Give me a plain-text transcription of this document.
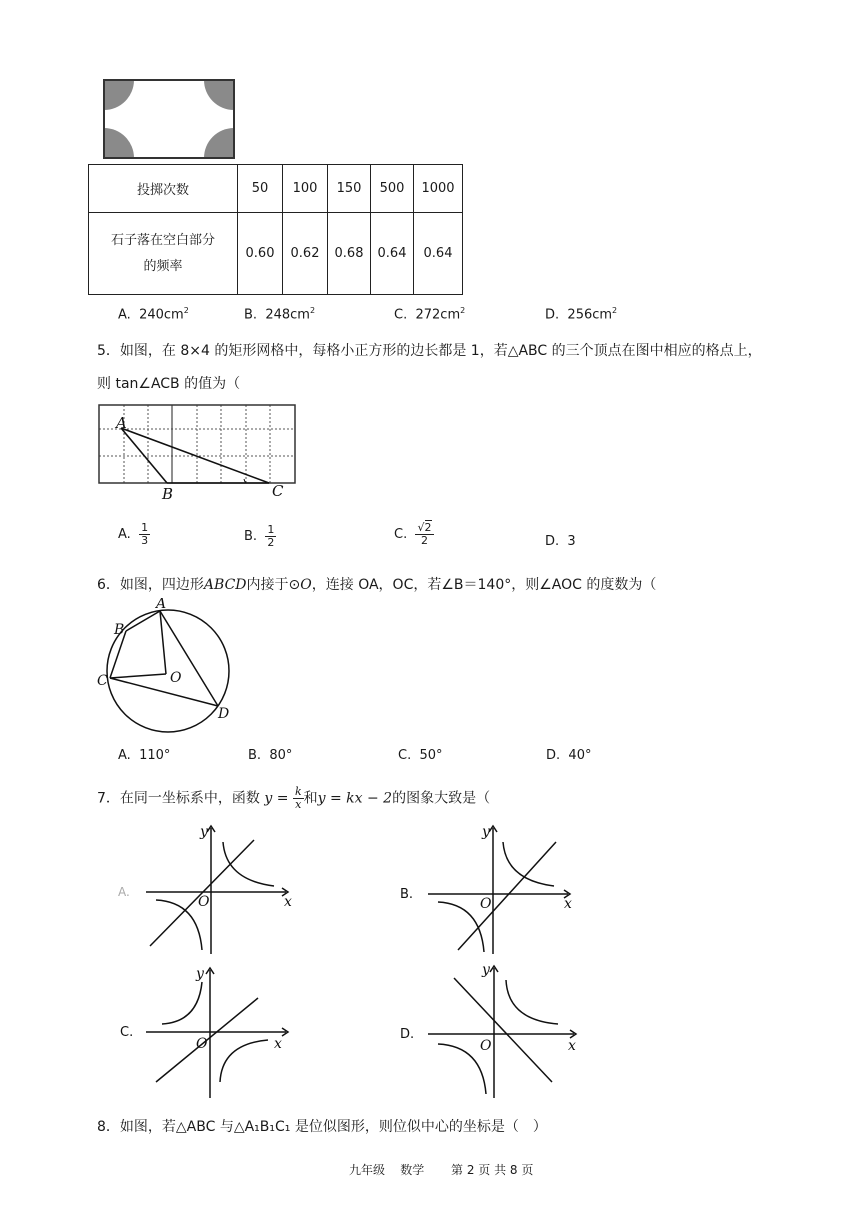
投掷次数	50	100	150	500	1000
石子落在空白部分
的频率	0.60	0.62	0.68	0.64	0.64
A. $240cm^2$	B. $248cm^2$	C. $272cm^2$	D. $256cm^2$
5．如图，在 8×4 的矩形网格中，每格小正方形的边长都是 1，若△ABC 的三个顶点在图中相应的格点上，
则 tan∠ACB 的值为（
A
B	C
A. $\frac{1}{3}$	B. $\frac{1}{2}$	C. $\frac{√2}{2}$	D. 3
6．如图，四边形ABCD内接于⊙O，连接 OA，OC，若∠B＝140°，则∠AOC 的度数为（
A
B
C	O
D
A. 110°	B. 80°	C. 50°	D. 40°
7．在同一坐标系中，函数 $y = \frac{k}{x}$ 和y = kx − 2的图象大致是（
y
x
O
A.
y
x
O
B.
y
x
O
C.
y
x
O
D.
8．如图，若△ABC 与△A₁B₁C₁ 是位似图形，则位似中心的坐标是（　）
九年级 数学 第 2 页 共 8 页
